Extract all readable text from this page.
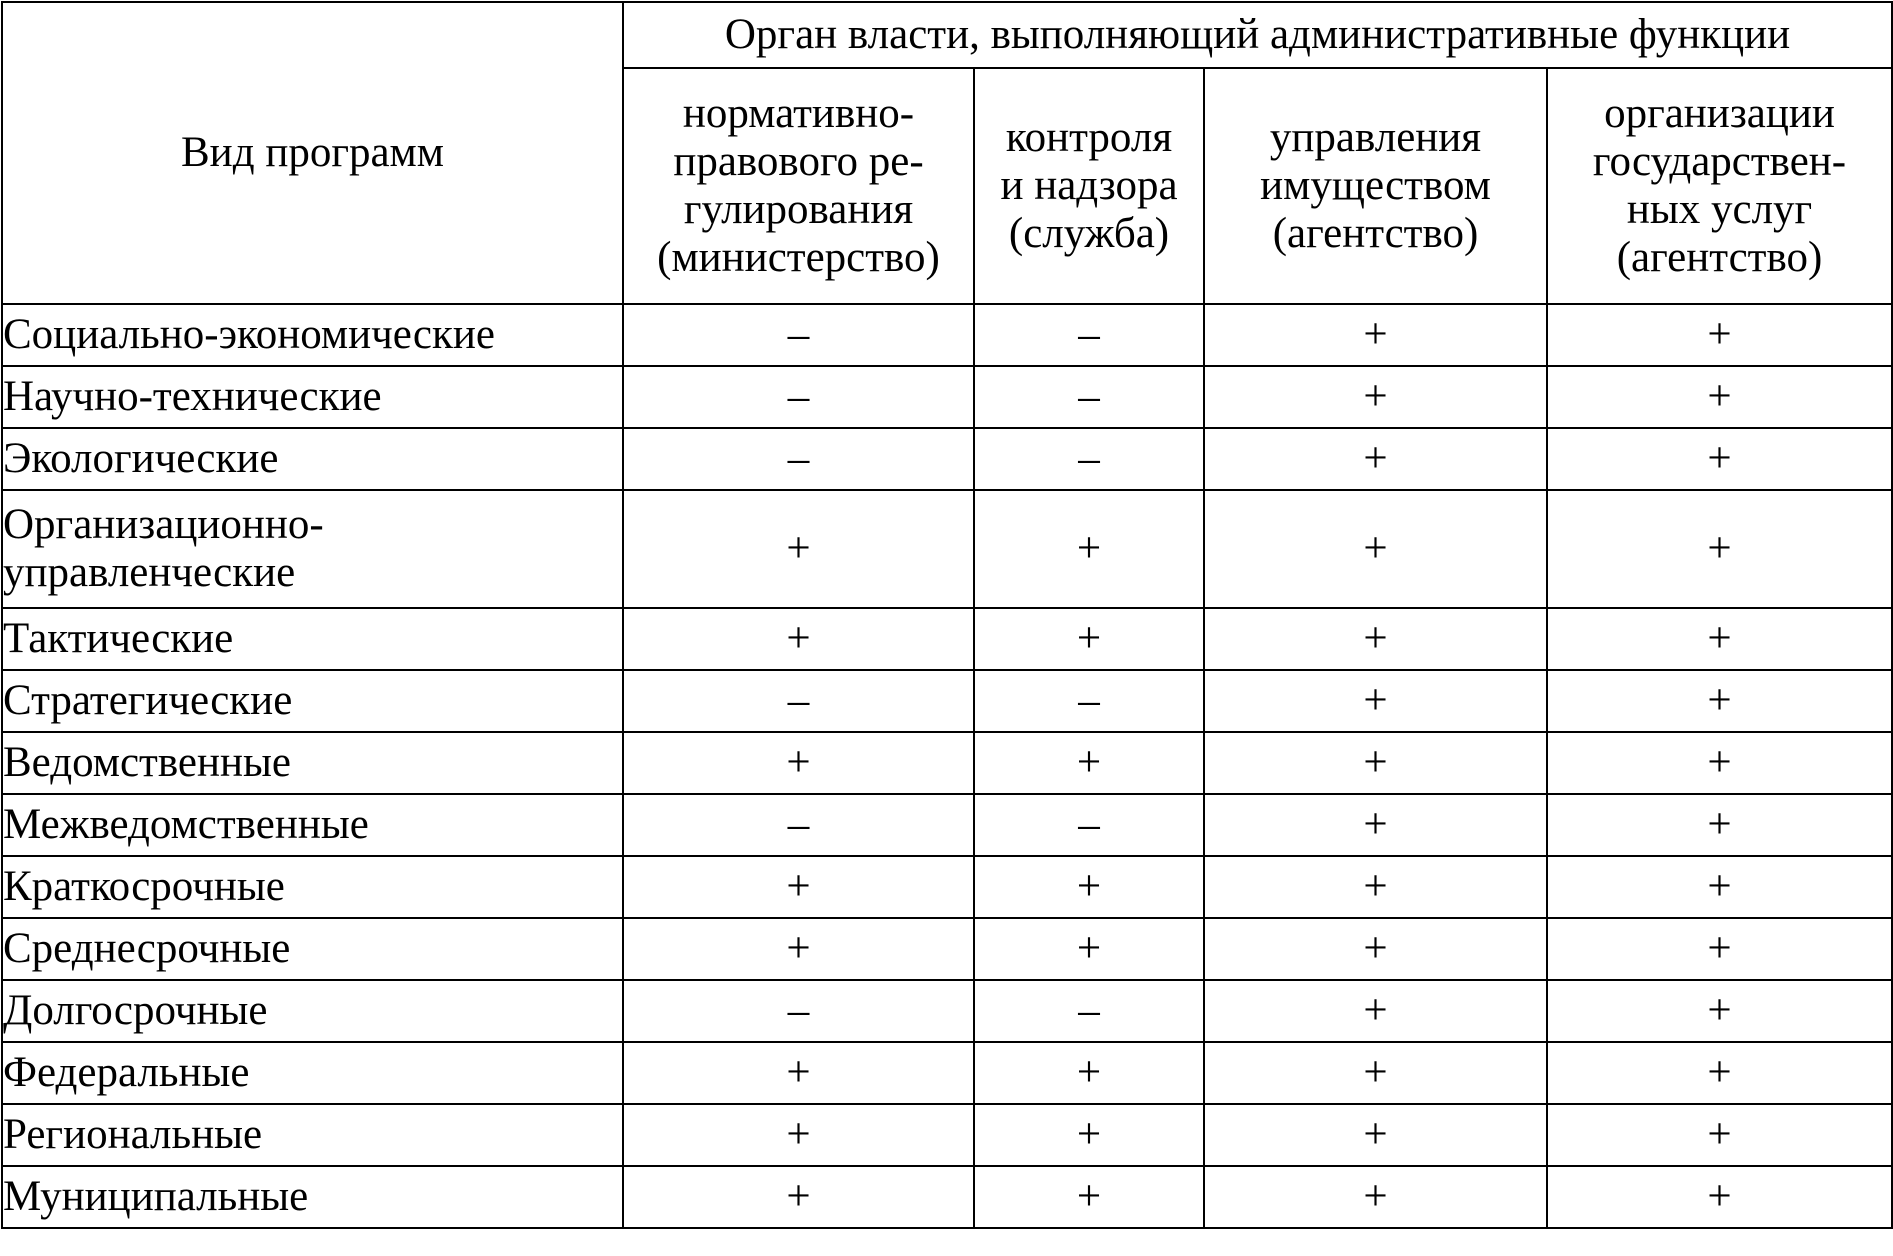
Вид программ	Орган власти, выполняющий административные функции			

	нормативно-
правового ре-
гулирования
(министерство)	контроля
и надзора
(служба)	управления
имуществом
(агентство)	организации
государствен-
ных услуг
(агентство)

Социально-экономические	–	–	+	+
Научно-технические	–	–	+	+
Экологические	–	–	+	+
Организационно-
управленческие	+	+	+	+
Тактические	+	+	+	+
Стратегические	–	–	+	+
Ведомственные	+	+	+	+
Межведомственные	–	–	+	+
Краткосрочные	+	+	+	+
Среднесрочные	+	+	+	+
Долгосрочные	–	–	+	+
Федеральные	+	+	+	+
Региональные	+	+	+	+
Муниципальные	+	+	+	+
